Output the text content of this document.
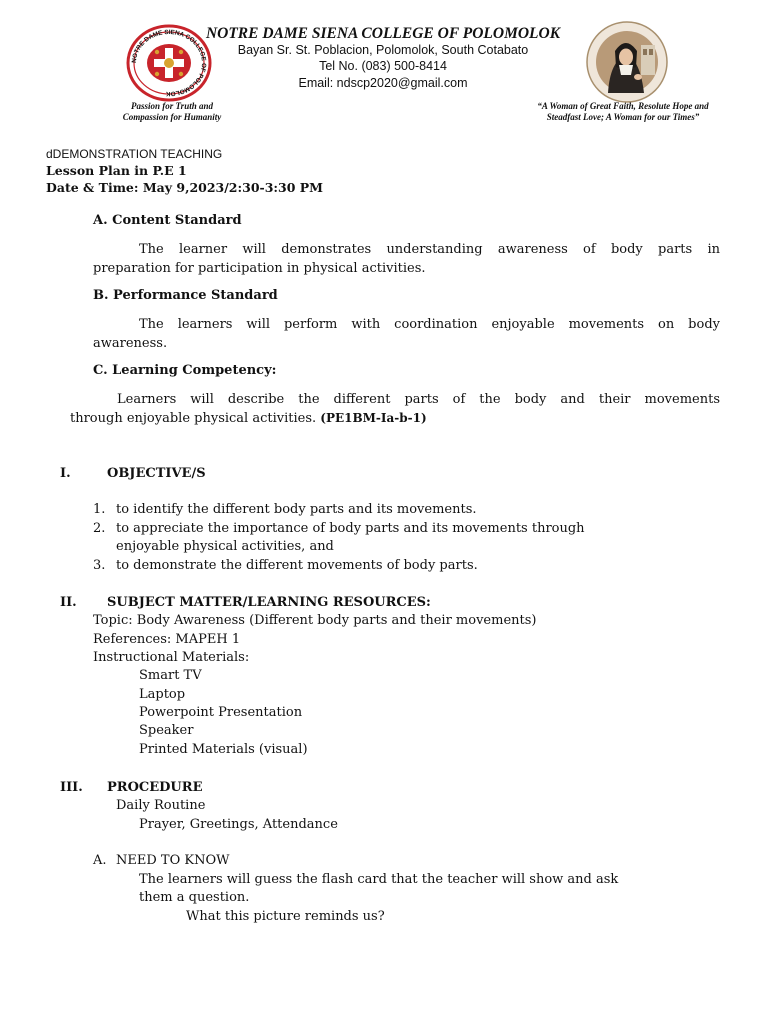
NOTRE DAME SIENA COLLEGE OF POLOMOLOK
NOTRE DAME SIENA COLLEGE OF POLOMOLOK
Bayan Sr. St. Poblacion, Polomolok, South Cotabato
Tel No. (083) 500-8414
Email: ndscp2020@gmail.com
Passion for Truth and
Compassion for Humanity
“A Woman of Great Faith, Resolute Hope and
Steadfast Love; A Woman for our Times”
dDEMONSTRATION TEACHING
Lesson Plan in P.E 1
Date & Time: May 9,2023/2:30-3:30 PM
A. Content Standard
The learner will demonstrates understanding awareness of body parts in
preparation for participation in physical activities.
B. Performance Standard
The learners will perform with coordination enjoyable movements on body
awareness.
C. Learning Competency:
Learners will describe the different parts of the body and their movements
through enjoyable physical activities. (PE1BM-Ia-b-1)
I.	OBJECTIVE/S
1. to identify the different body parts and its movements.
2. to appreciate the importance of body parts and its movements through
enjoyable physical activities, and
3. to demonstrate the different movements of body parts.
II. SUBJECT MATTER/LEARNING RESOURCES:
Topic: Body Awareness (Different body parts and their movements)
References: MAPEH 1
Instructional Materials:
Smart TV
Laptop
Powerpoint Presentation
Speaker
Printed Materials (visual)
III. PROCEDURE
Daily Routine
Prayer, Greetings, Attendance
A. NEED TO KNOW
The learners will guess the flash card that the teacher will show and ask
them a question.
What this picture reminds us?
